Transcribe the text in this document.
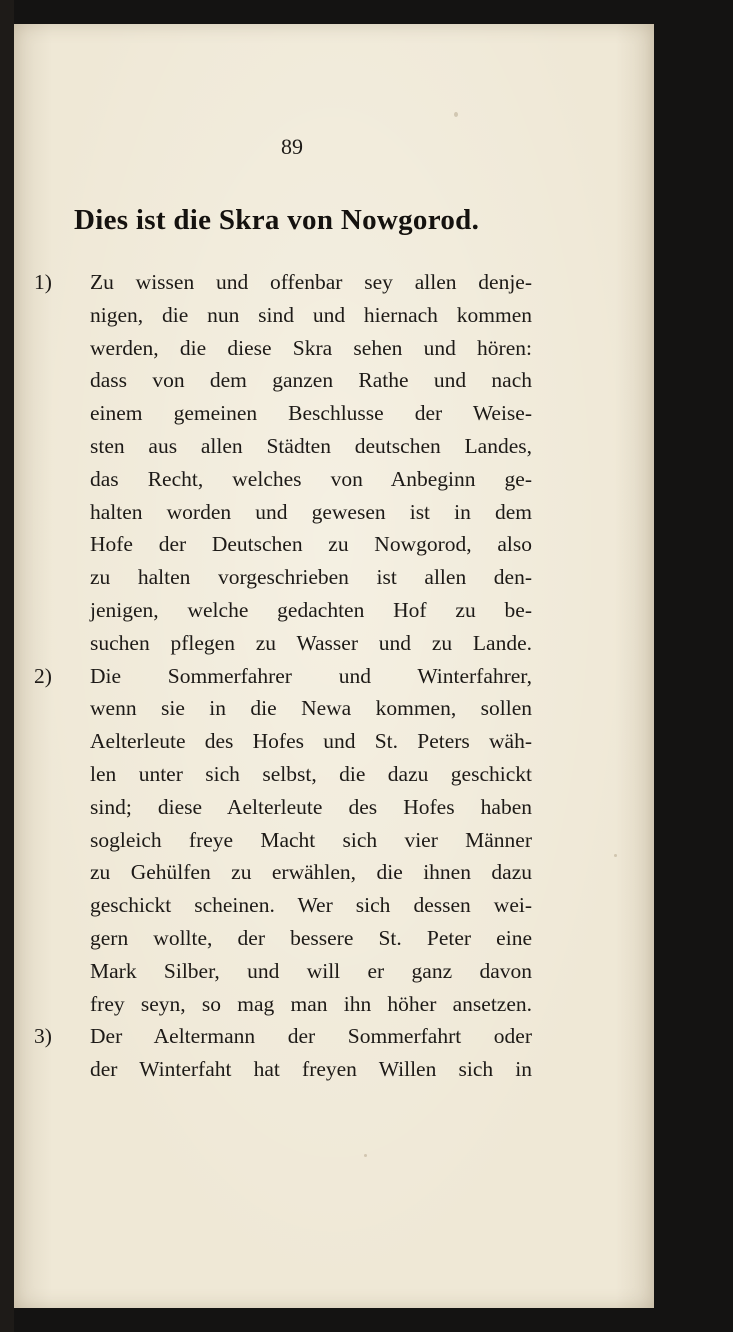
89
Dies ist die Skra von Nowgorod.
1)	Zu wissen und offenbar sey allen denje-
nigen, die nun sind und hiernach kommen
werden, die diese Skra sehen und hören:
dass von dem ganzen Rathe und nach
einem gemeinen Beschlusse der Weise-
sten aus allen Städten deutschen Landes,
das Recht, welches von Anbeginn ge-
halten worden und gewesen ist in dem
Hofe der Deutschen zu Nowgorod, also
zu halten vorgeschrieben ist allen den-
jenigen, welche gedachten Hof zu be-
suchen pflegen zu Wasser und zu Lande.
2)	Die Sommerfahrer und Winterfahrer,
wenn sie in die Newa kommen, sollen
Aelterleute des Hofes und St. Peters wäh-
len unter sich selbst, die dazu geschickt
sind; diese Aelterleute des Hofes haben
sogleich freye Macht sich vier Männer
zu Gehülfen zu erwählen, die ihnen dazu
geschickt scheinen. Wer sich dessen wei-
gern wollte, der bessere St. Peter eine
Mark Silber, und will er ganz davon
frey seyn, so mag man ihn höher ansetzen.
3)	Der Aeltermann der Sommerfahrt oder
der Winterfaht hat freyen Willen sich in
